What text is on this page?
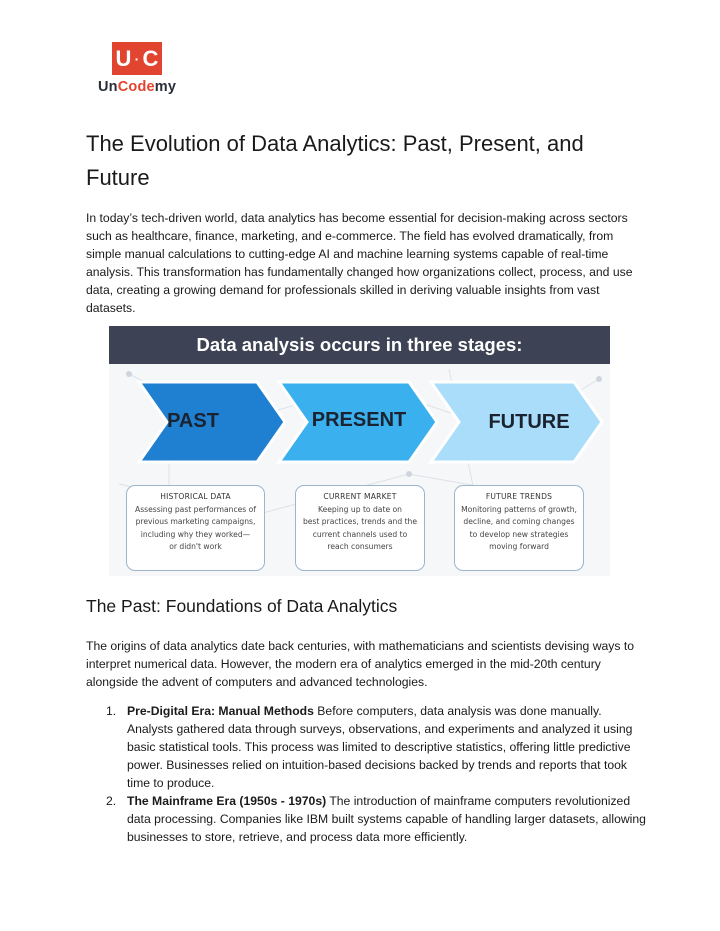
U · C
UnCodemy
The Evolution of Data Analytics: Past, Present, and Future

In today’s tech-driven world, data analytics has become essential for decision-making across sectors such as healthcare, finance, marketing, and e-commerce. The field has evolved dramatically, from simple manual calculations to cutting-edge AI and machine learning systems capable of real-time analysis. This transformation has fundamentally changed how organizations collect, process, and use data, creating a growing demand for professionals skilled in deriving valuable insights from vast datasets.

Data analysis occurs in three stages:
PAST	PRESENT	FUTURE
HISTORICAL DATA
Assessing past performances of
previous marketing campaigns,
including why they worked—
or didn't work
CURRENT MARKET
Keeping up to date on
best practices, trends and the
current channels used to
reach consumers
FUTURE TRENDS
Monitoring patterns of growth,
decline, and coming changes
to develop new strategies
moving forward
The Past: Foundations of Data Analytics

The origins of data analytics date back centuries, with mathematicians and scientists devising ways to interpret numerical data. However, the modern era of analytics emerged in the mid-20th century alongside the advent of computers and advanced technologies.

1. Pre-Digital Era: Manual Methods Before computers, data analysis was done manually. Analysts gathered data through surveys, observations, and experiments and analyzed it using basic statistical tools. This process was limited to descriptive statistics, offering little predictive power. Businesses relied on intuition-based decisions backed by trends and reports that took time to produce.
2. The Mainframe Era (1950s - 1970s) The introduction of mainframe computers revolutionized data processing. Companies like IBM built systems capable of handling larger datasets, allowing businesses to store, retrieve, and process data more efficiently.
